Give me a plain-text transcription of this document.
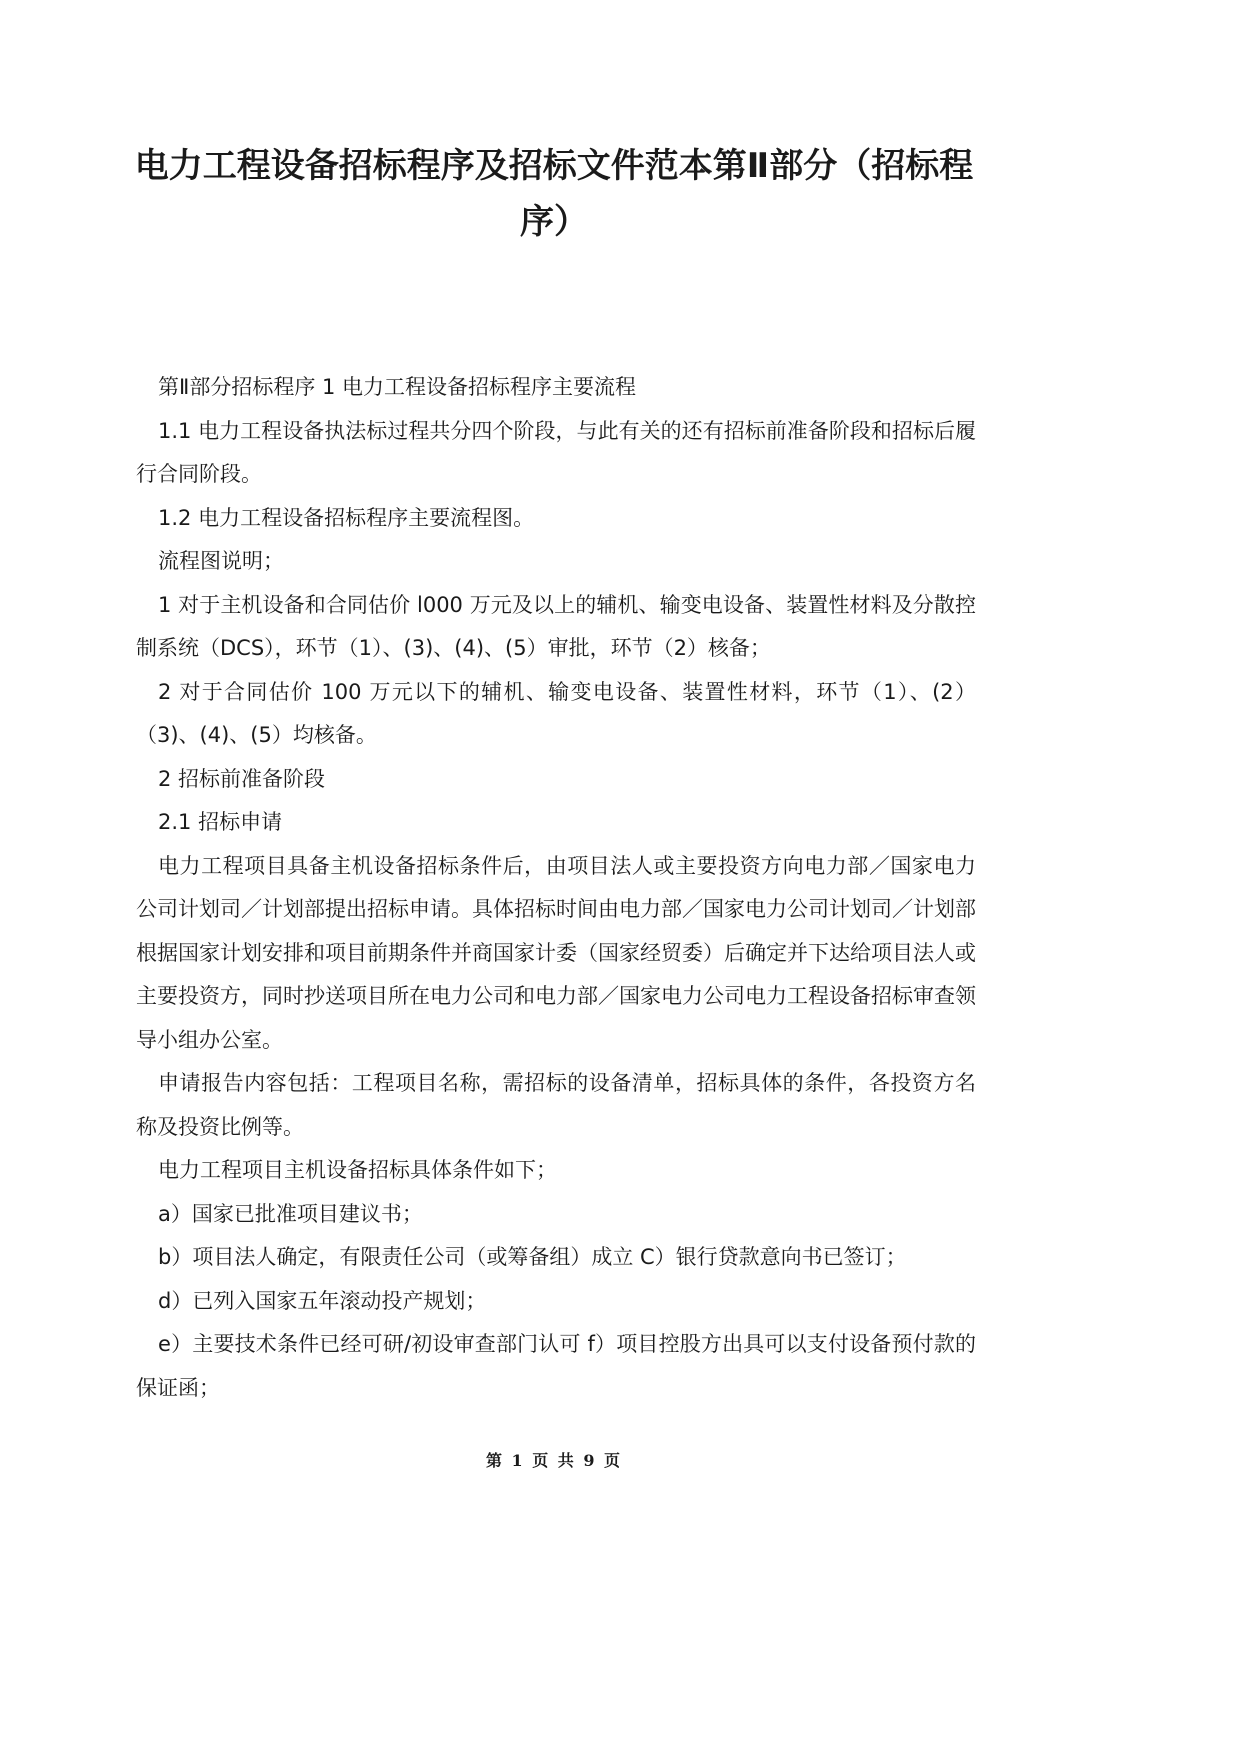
电力工程设备招标程序及招标文件范本第Ⅱ部分（招标程序）

第Ⅱ部分招标程序 1 电力工程设备招标程序主要流程

1.1 电力工程设备执法标过程共分四个阶段，与此有关的还有招标前准备阶段和招标后履行合同阶段。

1.2 电力工程设备招标程序主要流程图。

流程图说明；

1 对于主机设备和合同估价 l000 万元及以上的辅机、输变电设备、装置性材料及分散控制系统（DCS），环节（1）、(3)、(4)、(5）审批，环节（2）核备；

2 对于合同估价 100 万元以下的辅机、输变电设备、装置性材料，环节（1）、(2）（3)、(4)、(5）均核备。

2 招标前准备阶段

2.1 招标申请

电力工程项目具备主机设备招标条件后，由项目法人或主要投资方向电力部／国家电力公司计划司／计划部提出招标申请。具体招标时间由电力部／国家电力公司计划司／计划部根据国家计划安排和项目前期条件并商国家计委（国家经贸委）后确定并下达给项目法人或主要投资方，同时抄送项目所在电力公司和电力部／国家电力公司电力工程设备招标审查领导小组办公室。

申请报告内容包括：工程项目名称，需招标的设备清单，招标具体的条件，各投资方名称及投资比例等。

电力工程项目主机设备招标具体条件如下；

a）国家已批准项目建议书；

b）项目法人确定，有限责任公司（或筹备组）成立 C）银行贷款意向书已签订；

d）已列入国家五年滚动投产规划；

e）主要技术条件已经可研/初设审查部门认可 f）项目控股方出具可以支付设备预付款的保证函；

第 1 页 共 9 页
